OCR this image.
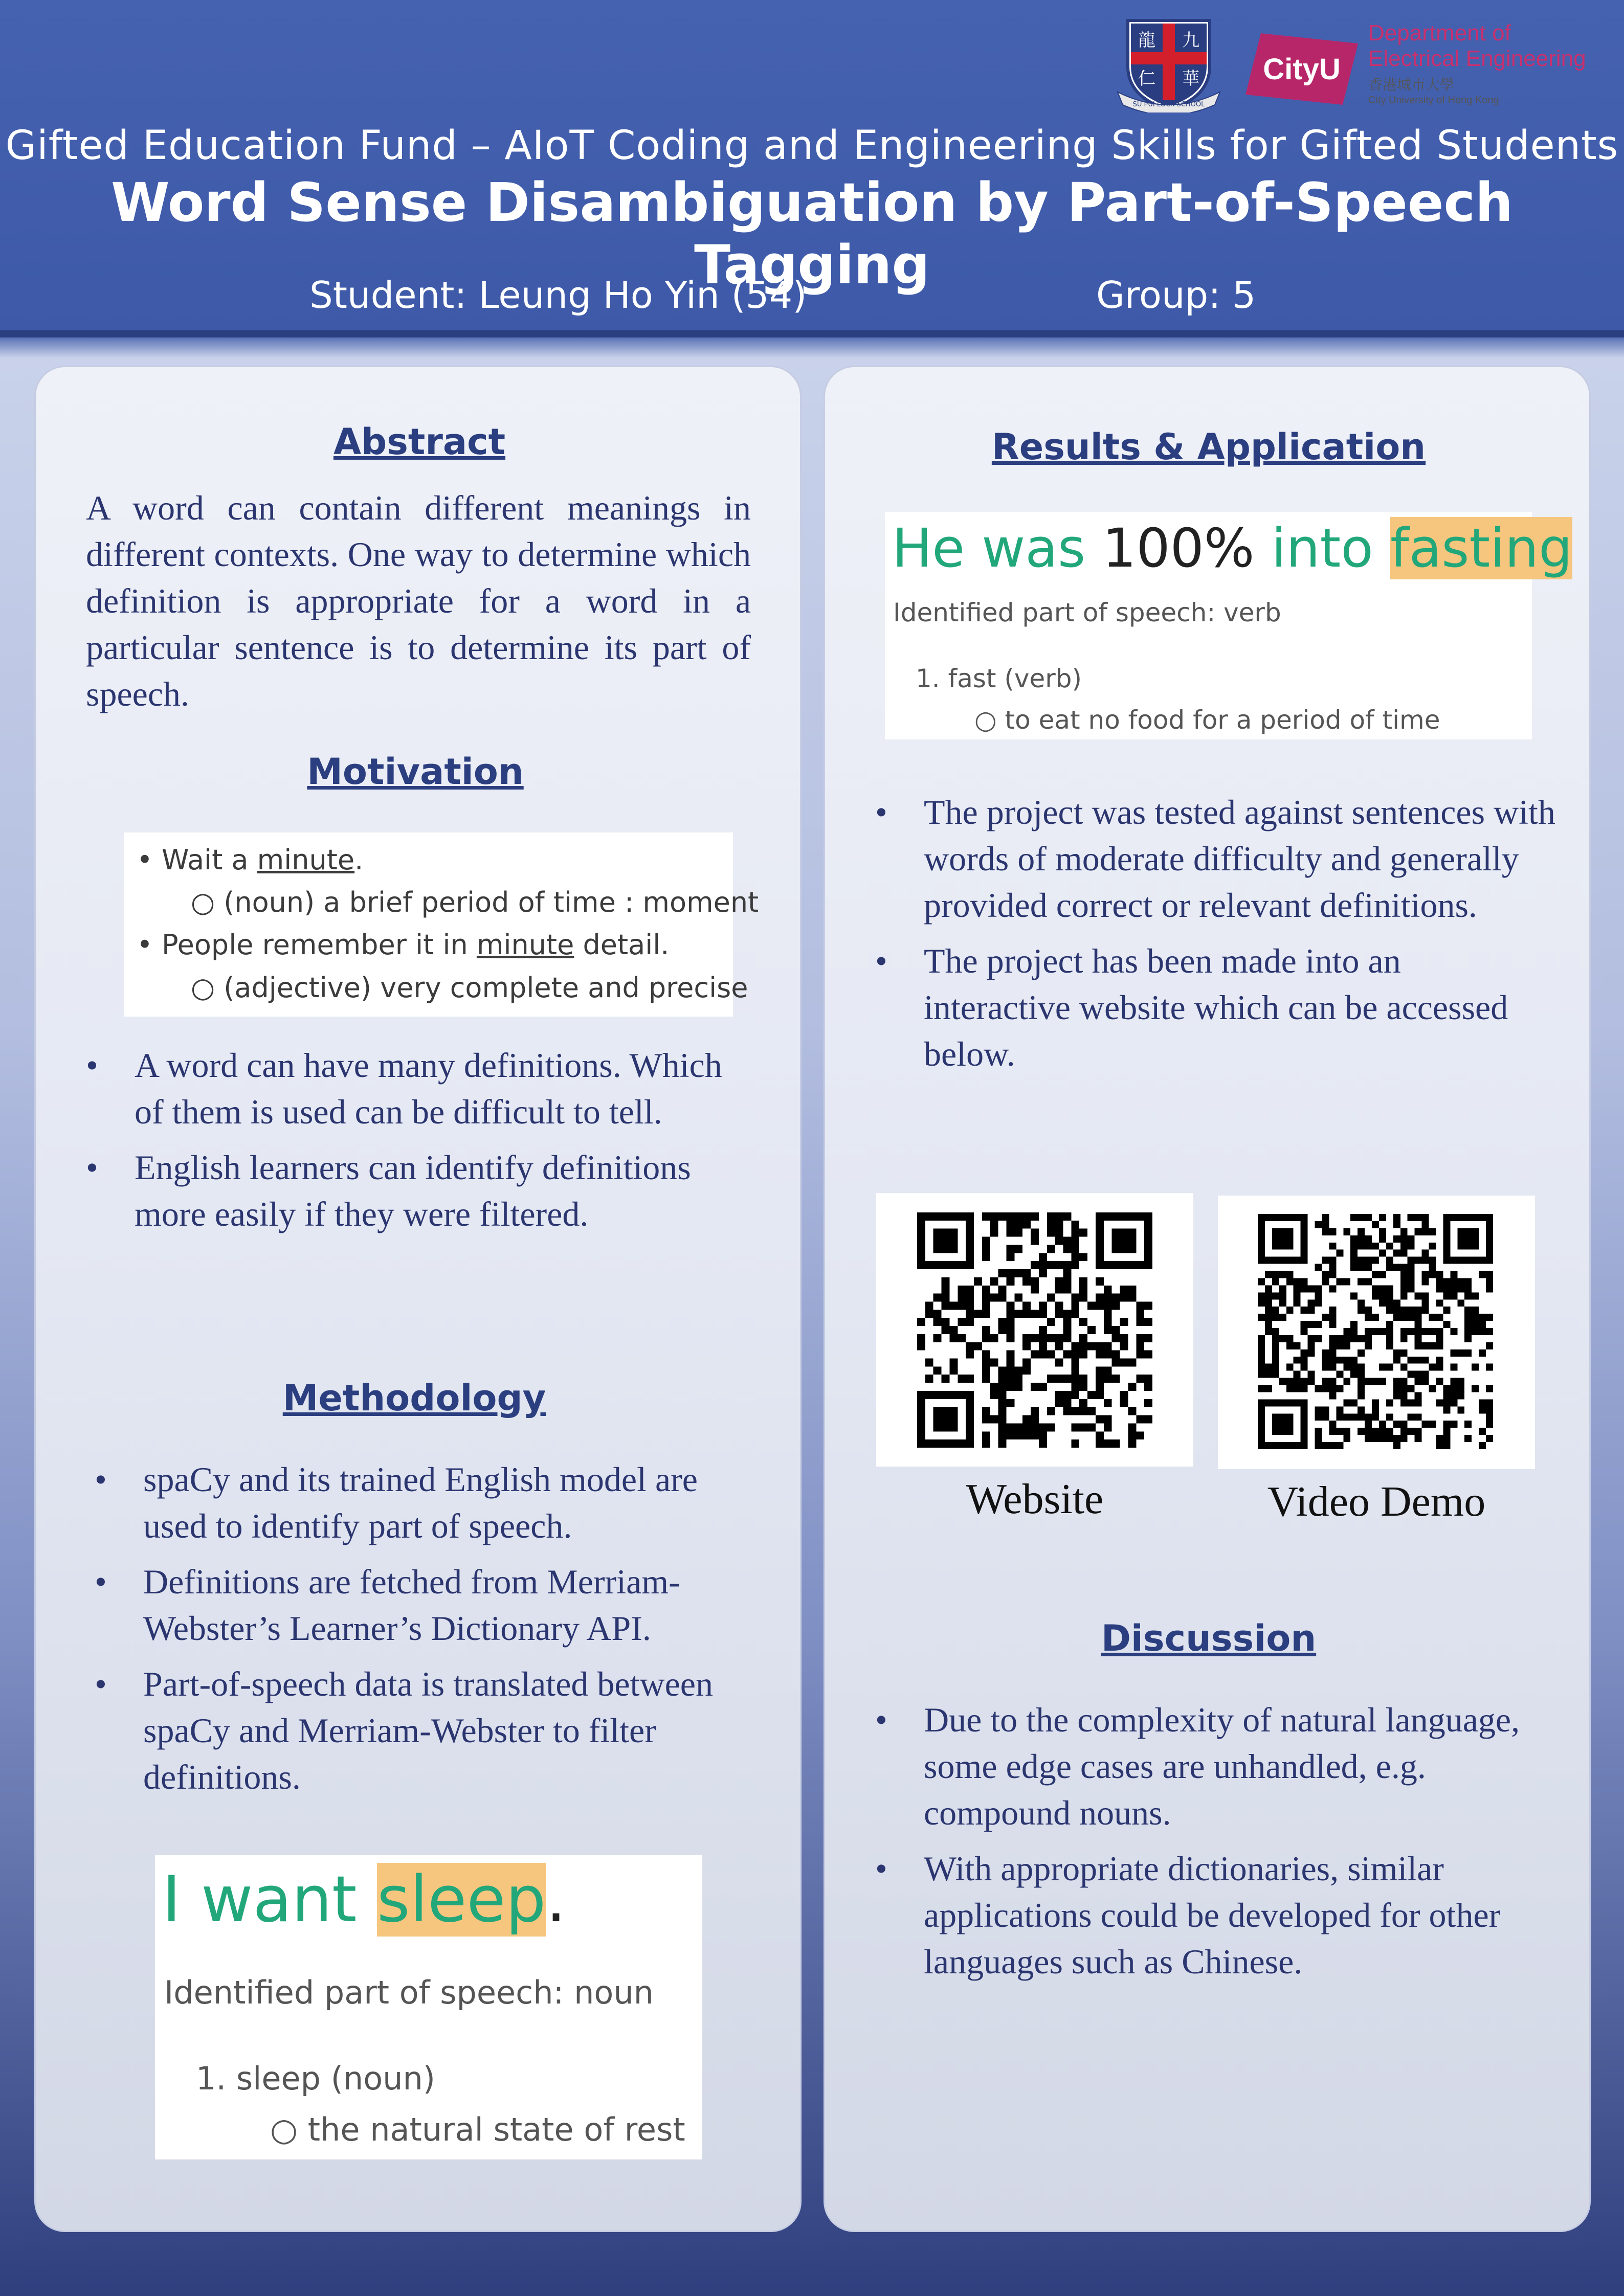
龍 九
仁 華
SU PUI LOCK SCHOOL
CityU
Department of
Electrical Engineering
香港城市大學
City University of Hong Kong
Gifted Education Fund – AIoT Coding and Engineering Skills for Gifted Students
Word Sense Disambiguation by Part-of-Speech Tagging
Student: Leung Ho Yin (54)	Group: 5
Abstract
A word can contain different meanings in different contexts. One way to determine which definition is appropriate for a word in a particular sentence is to determine its part of speech.
Motivation
• Wait a minute.
○ (noun) a brief period of time : moment
• People remember it in minute detail.
○ (adjective) very complete and precise
• A word can have many definitions. Which of them is used can be difficult to tell.
• English learners can identify definitions more easily if they were filtered.
Methodology
• spaCy and its trained English model are used to identify part of speech.
• Definitions are fetched from Merriam-Webster’s Learner’s Dictionary API.
• Part-of-speech data is translated between spaCy and Merriam-Webster to filter definitions.
I want sleep.
Identified part of speech: noun
1. sleep (noun)
○ the natural state of rest
Results & Application
He was 100% into fasting
Identified part of speech: verb
1. fast (verb)
○ to eat no food for a period of time
• The project was tested against sentences with words of moderate difficulty and generally provided correct or relevant definitions.
• The project has been made into an interactive website which can be accessed below.
Website	Video Demo
Discussion
• Due to the complexity of natural language, some edge cases are unhandled, e.g. compound nouns.
• With appropriate dictionaries, similar applications could be developed for other languages such as Chinese.
